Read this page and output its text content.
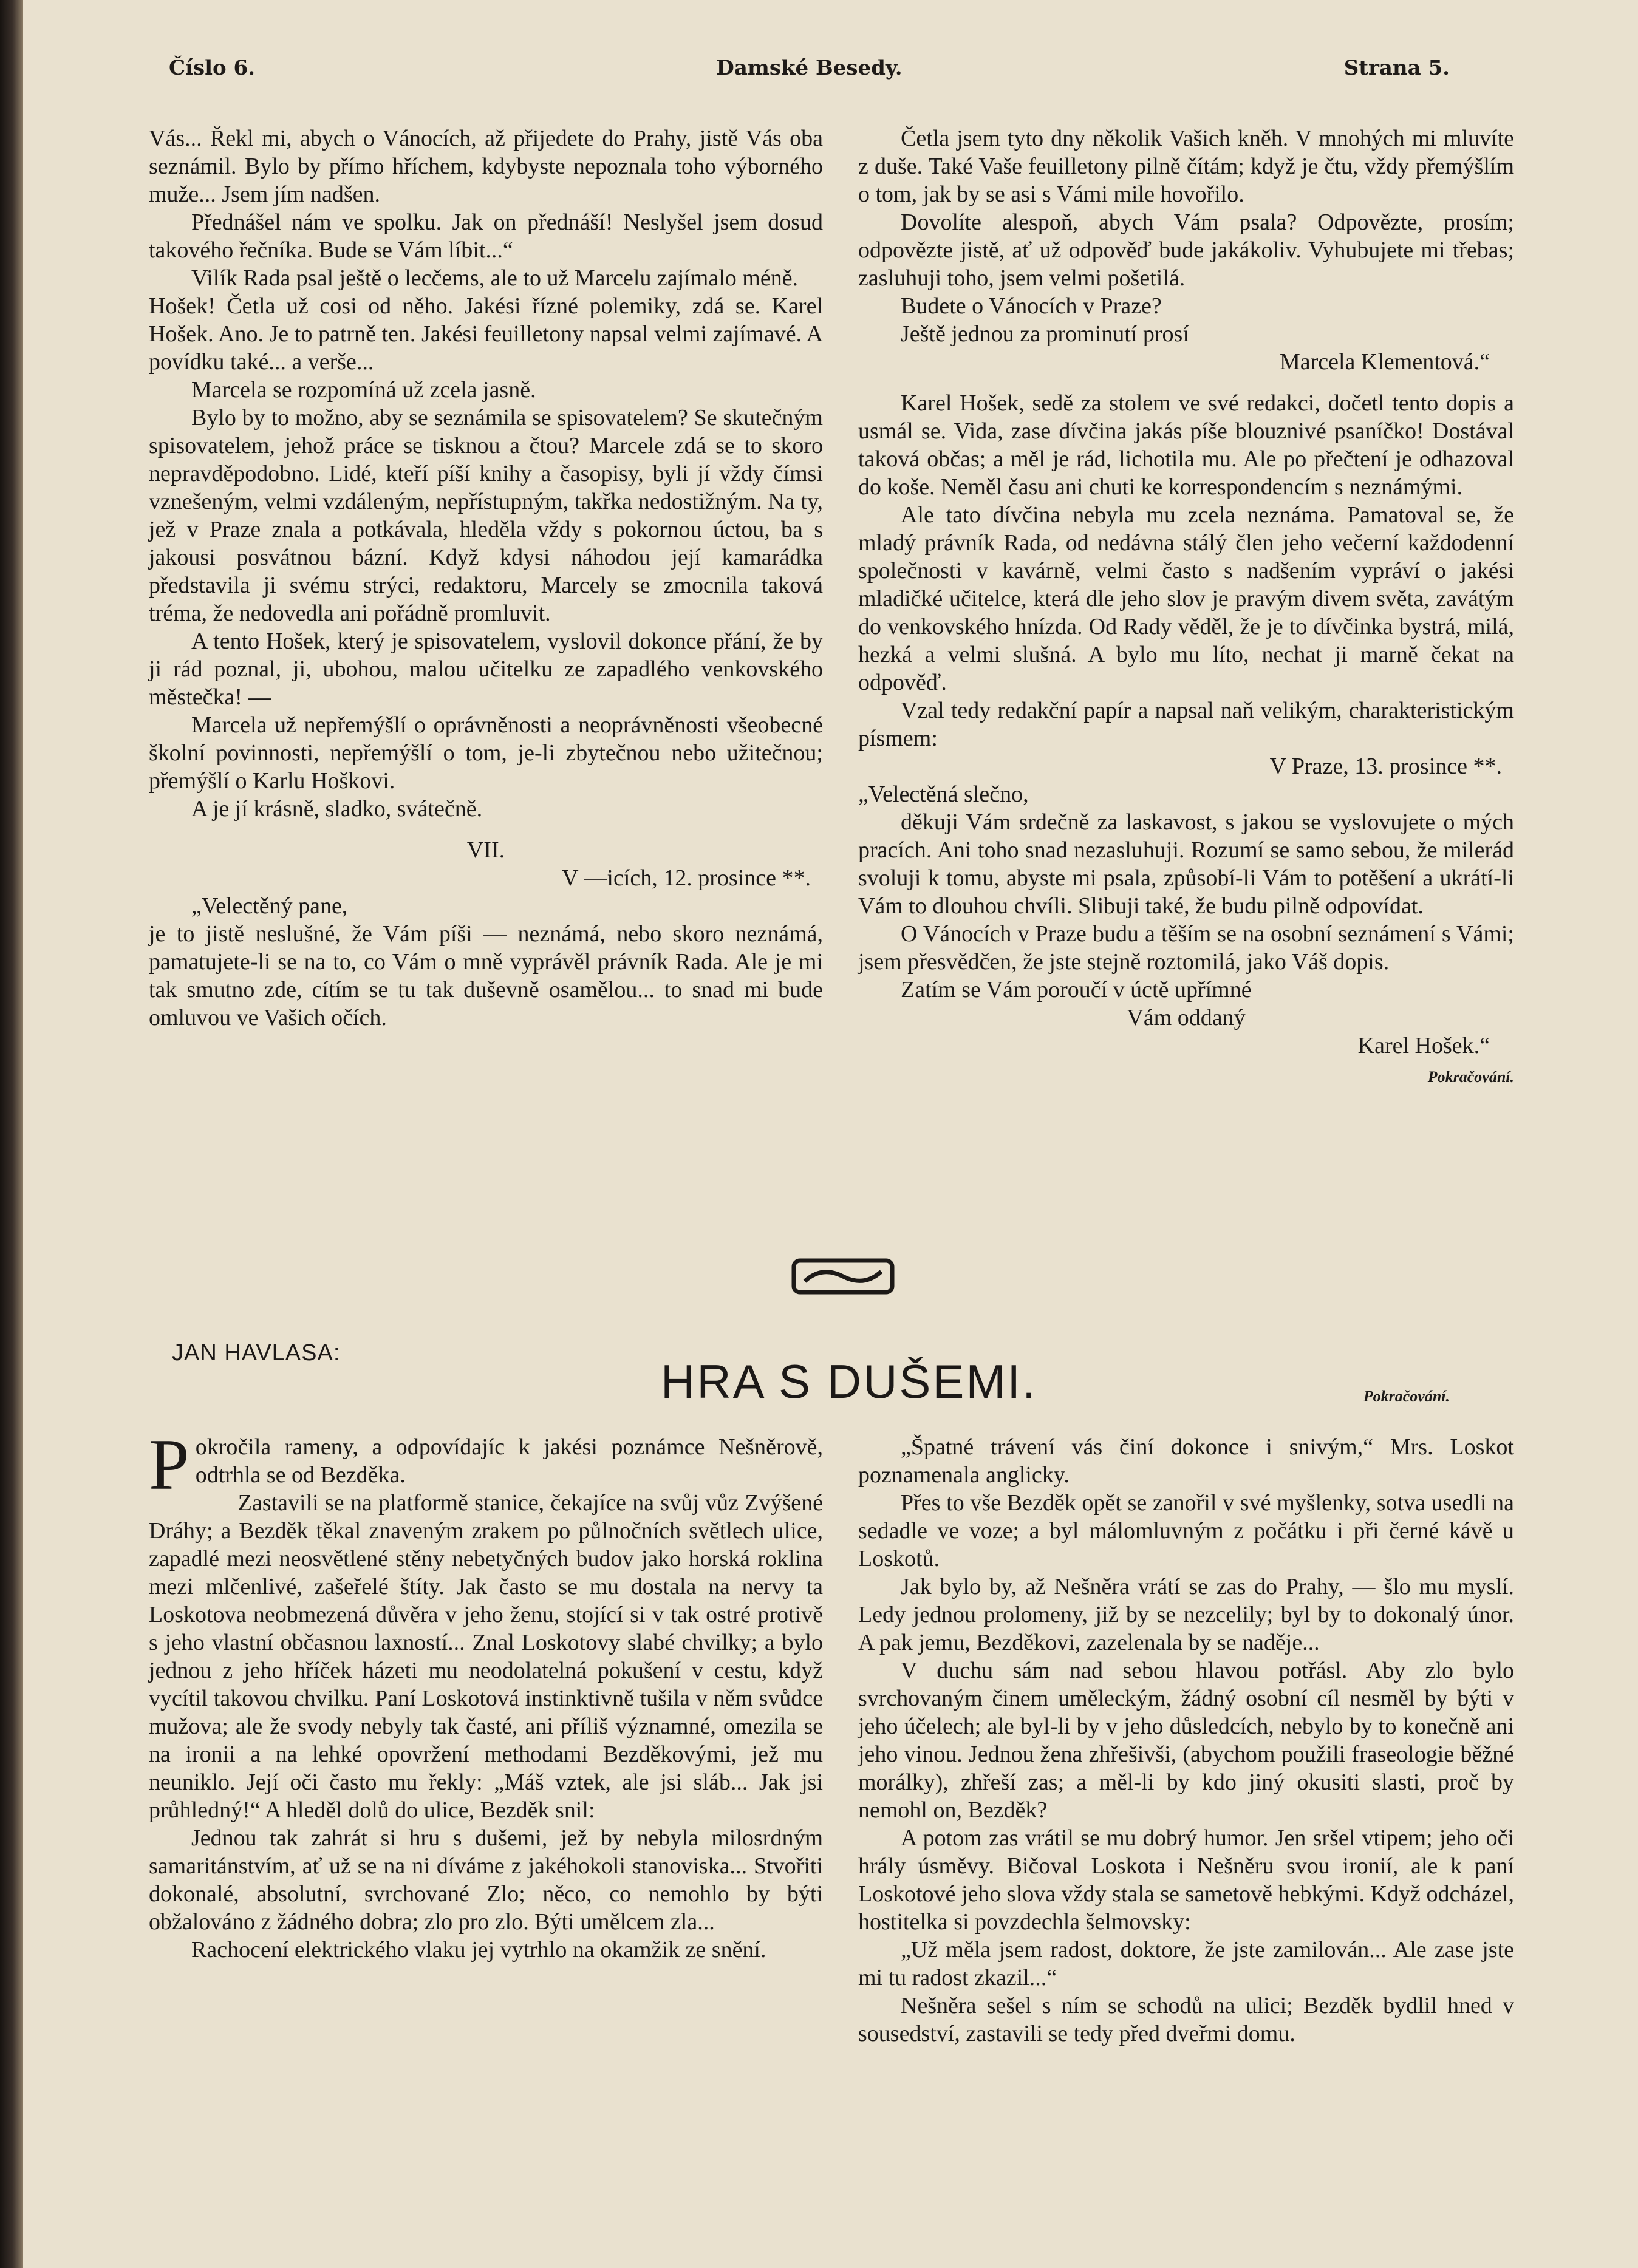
Číslo 6.	Damské Besedy.	Strana 5.

Vás... Řekl mi, abych o Vánocích, až přijedete do Prahy, jistě Vás oba seznámil. Bylo by přímo hříchem, kdybyste nepoznala toho výborného muže... Jsem jím nadšen.

Přednášel nám ve spolku. Jak on přednáší! Neslyšel jsem dosud takového řečníka. Bude se Vám líbit...“

Vilík Rada psal ještě o lecčems, ale to už Marcelu zajímalo méně.

Hošek! Četla už cosi od něho. Jakési řízné polemiky, zdá se. Karel Hošek. Ano. Je to patrně ten. Jakési feuilletony napsal velmi zajímavé. A povídku také... a verše...

Marcela se rozpomíná už zcela jasně.

Bylo by to možno, aby se seznámila se spisovatelem? Se skutečným spisovatelem, jehož práce se tisknou a čtou? Marcele zdá se to skoro nepravděpodobno. Lidé, kteří píší knihy a časopisy, byli jí vždy čímsi vznešeným, velmi vzdáleným, nepřístupným, takřka nedostižným. Na ty, jež v Praze znala a potkávala, hleděla vždy s pokornou úctou, ba s jakousi posvátnou bázní. Když kdysi náhodou její kamarádka představila ji svému strýci, redaktoru, Marcely se zmocnila taková tréma, že nedovedla ani pořádně promluvit.

A tento Hošek, který je spisovatelem, vyslovil dokonce přání, že by ji rád poznal, ji, ubohou, malou učitelku ze zapadlého venkovského městečka! —

Marcela už nepřemýšlí o oprávněnosti a neoprávněnosti všeobecné školní povinnosti, nepřemýšlí o tom, je-li zbytečnou nebo užitečnou; přemýšlí o Karlu Hoškovi.

A je jí krásně, sladko, svátečně.

VII.

V —icích, 12. prosince **.

„Velectěný pane,

je to jistě neslušné, že Vám píši — neznámá, nebo skoro neznámá, pamatujete-li se na to, co Vám o mně vyprávěl právník Rada. Ale je mi tak smutno zde, cítím se tu tak duševně osamělou... to snad mi bude omluvou ve Vašich očích.

Četla jsem tyto dny několik Vašich kněh. V mnohých mi mluvíte z duše. Také Vaše feuilletony pilně čítám; když je čtu, vždy přemýšlím o tom, jak by se asi s Vámi mile hovořilo.

Dovolíte alespoň, abych Vám psala? Odpovězte, prosím; odpovězte jistě, ať už odpověď bude jakákoliv. Vyhubujete mi třebas; zasluhuji toho, jsem velmi pošetilá.

Budete o Vánocích v Praze?

Ještě jednou za prominutí prosí

Marcela Klementová.“

Karel Hošek, sedě za stolem ve své redakci, dočetl tento dopis a usmál se. Vida, zase dívčina jakás píše blouznivé psaníčko! Dostával taková občas; a měl je rád, lichotila mu. Ale po přečtení je odhazoval do koše. Neměl času ani chuti ke korrespondencím s neznámými.

Ale tato dívčina nebyla mu zcela neznáma. Pamatoval se, že mladý právník Rada, od nedávna stálý člen jeho večerní každodenní společnosti v kavárně, velmi často s nadšením vypráví o jakési mladičké učitelce, která dle jeho slov je pravým divem světa, zavátým do venkovského hnízda. Od Rady věděl, že je to dívčinka bystrá, milá, hezká a velmi slušná. A bylo mu líto, nechat ji marně čekat na odpověď.

Vzal tedy redakční papír a napsal naň velikým, charakteristickým písmem:

V Praze, 13. prosince **.

„Velectěná slečno,

děkuji Vám srdečně za laskavost, s jakou se vyslovujete o mých pracích. Ani toho snad nezasluhuji. Rozumí se samo sebou, že milerád svoluji k tomu, abyste mi psala, způsobí-li Vám to potěšení a ukrátí-li Vám to dlouhou chvíli. Slibuji také, že budu pilně odpovídat.

O Vánocích v Praze budu a těším se na osobní seznámení s Vámi; jsem přesvědčen, že jste stejně roztomilá, jako Váš dopis.

Zatím se Vám poroučí v úctě upřímné

Vám oddaný

Karel Hošek.“

Pokračování.
JAN HAVLASA:
HRA S DUŠEMI.	Pokračování.

Pokročila rameny, a odpovídajíc k jakési poznámce Nešněrově, odtrhla se od Bezděka.

Zastavili se na platformě stanice, čekajíce na svůj vůz Zvýšené Dráhy; a Bezděk těkal znaveným zrakem po půlnočních světlech ulice, zapadlé mezi neosvětlené stěny nebetyčných budov jako horská roklina mezi mlčenlivé, zašeřelé štíty. Jak často se mu dostala na nervy ta Loskotova neobmezená důvěra v jeho ženu, stojící si v tak ostré protivě s jeho vlastní občasnou laxností... Znal Loskotovy slabé chvilky; a bylo jednou z jeho hříček házeti mu neodolatelná pokušení v cestu, když vycítil takovou chvilku. Paní Loskotová instinktivně tušila v něm svůdce mužova; ale že svody nebyly tak časté, ani příliš významné, omezila se na ironii a na lehké opovržení methodami Bezděkovými, jež mu neuniklo. Její oči často mu řekly: „Máš vztek, ale jsi sláb... Jak jsi průhledný!“ A hleděl dolů do ulice, Bezděk snil:

Jednou tak zahrát si hru s dušemi, jež by nebyla milosrdným samaritánstvím, ať už se na ni díváme z jakéhokoli stanoviska... Stvořiti dokonalé, absolutní, svrchované Zlo; něco, co nemohlo by býti obžalováno z žádného dobra; zlo pro zlo. Býti umělcem zla...

Rachocení elektrického vlaku jej vytrhlo na okamžik ze snění.

„Špatné trávení vás činí dokonce i snivým,“ Mrs. Loskot poznamenala anglicky.

Přes to vše Bezděk opět se zanořil v své myšlenky, sotva usedli na sedadle ve voze; a byl málomluvným z počátku i při černé kávě u Loskotů.

Jak bylo by, až Nešněra vrátí se zas do Prahy, — šlo mu myslí. Ledy jednou prolomeny, již by se nezcelily; byl by to dokonalý únor. A pak jemu, Bezděkovi, zazelenala by se naděje...

V duchu sám nad sebou hlavou potřásl. Aby zlo bylo svrchovaným činem uměleckým, žádný osobní cíl nesměl by býti v jeho účelech; ale byl-li by v jeho důsledcích, nebylo by to konečně ani jeho vinou. Jednou žena zhřešivši, (abychom použili fraseologie běžné morálky), zhřeší zas; a měl-li by kdo jiný okusiti slasti, proč by nemohl on, Bezděk?

A potom zas vrátil se mu dobrý humor. Jen sršel vtipem; jeho oči hrály úsměvy. Bičoval Loskota i Nešněru svou ironií, ale k paní Loskotové jeho slova vždy stala se sametově hebkými. Když odcházel, hostitelka si povzdechla šelmovsky:

„Už měla jsem radost, doktore, že jste zamilován... Ale zase jste mi tu radost zkazil...“

Nešněra sešel s ním se schodů na ulici; Bezděk bydlil hned v sousedství, zastavili se tedy před dveřmi domu.
